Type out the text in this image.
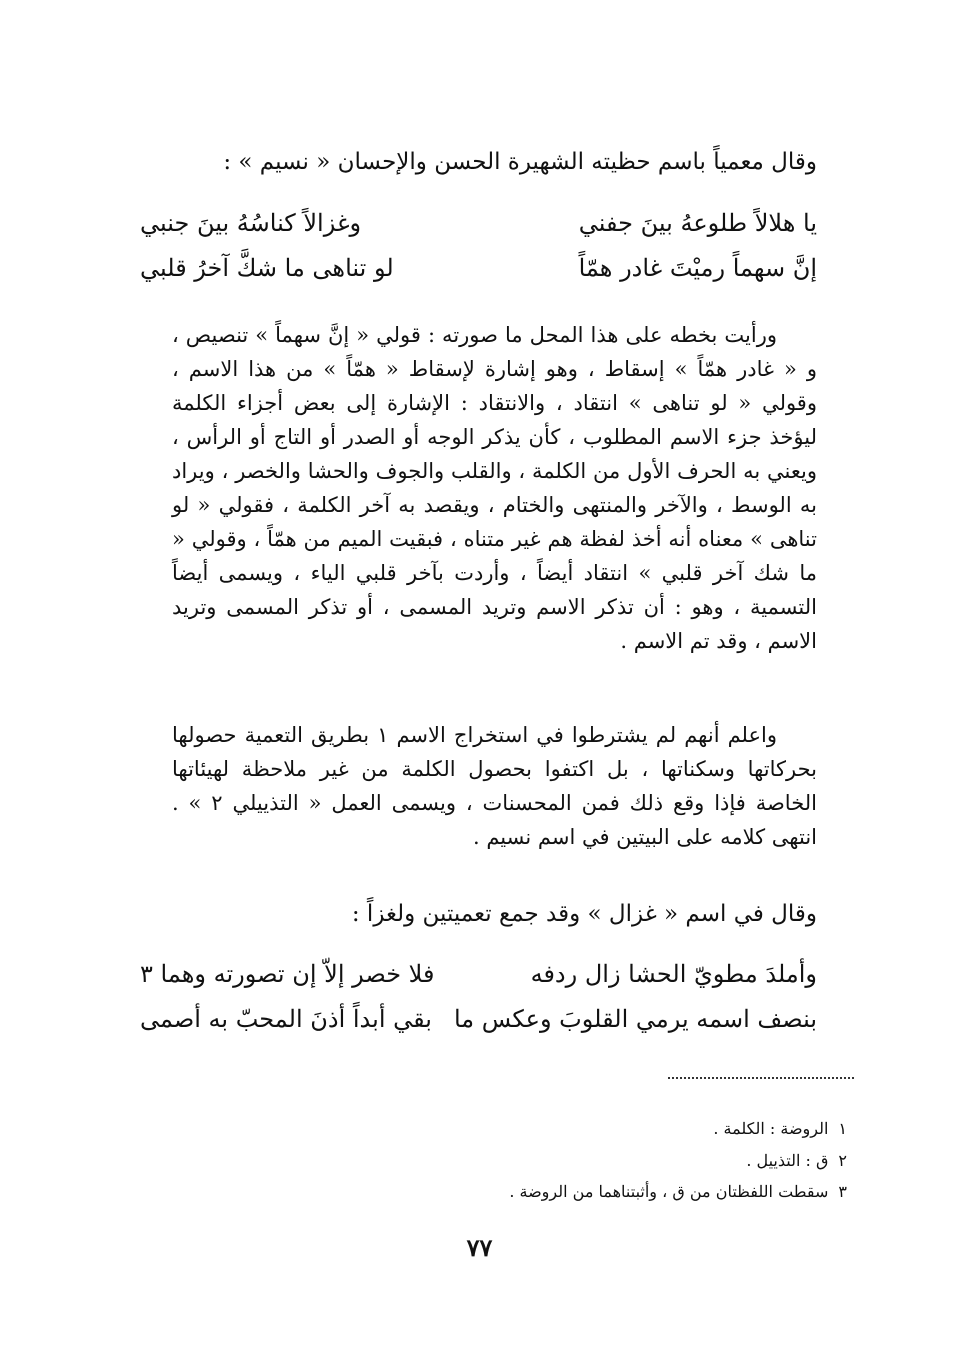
وقال معمياً باسم حظيته الشهيرة الحسن والإحسان « نسيم » :
يا هلالاً طلوعهُ بينَ جفني
وغزالاً كناسُهُ بينَ جنبي
إنَّ سهماً رميْتَ غادر همّاً
لو تناهى ما شكَّ آخرُ قلبي
ورأيت بخطه على هذا المحل ما صورته : قولي « إنَّ سهماً » تنصيص ، و « غادر همّاً » إسقاط ، وهو إشارة لإسقاط « همّاً » من هذا الاسم ، وقولي « لو تناهى » انتقاد ، والانتقاد : الإشارة إلى بعض أجزاء الكلمة ليؤخذ جزء الاسم المطلوب ، كأن يذكر الوجه أو الصدر أو التاج أو الرأس ، ويعني به الحرف الأول من الكلمة ، والقلب والجوف والحشا والخصر ، ويراد به الوسط ، والآخر والمنتهى والختام ، ويقصد به آخر الكلمة ، فقولي « لو تناهى » معناه أنه أخذ لفظة هم غير متناه ، فبقيت الميم من همّاً ، وقولي « ما شك آخر قلبي » انتقاد أيضاً ، وأردت بآخر قلبي الياء ، ويسمى أيضاً التسمية ، وهو : أن تذكر الاسم وتريد المسمى ، أو تذكر المسمى وتريد الاسم ، وقد تم الاسم .
واعلم أنهم لم يشترطوا في استخراج الاسم ١ بطريق التعمية حصولها بحركاتها وسكناتها ، بل اكتفوا بحصول الكلمة من غير ملاحظة لهيئاتها الخاصة فإذا وقع ذلك فمن المحسنات ، ويسمى العمل « التذييلي ٢ » . انتهى كلامه على البيتين في اسم نسيم .
وقال في اسم « غزال » وقد جمع تعميتين ولغزاً :
وأملدَ مطويّ الحشا زال ردفه
فلا خصر إلاّ إن تصورته وهما ٣
بنصف اسمه يرمي القلوبَ وعكس ما
بقي أبداً أذنَ المحبّ به أصمى
١الروضة : الكلمة .
٢ق : التذييل .
٣سقطت اللفظتان من ق ، وأثبتناهما من الروضة .
٧٧
